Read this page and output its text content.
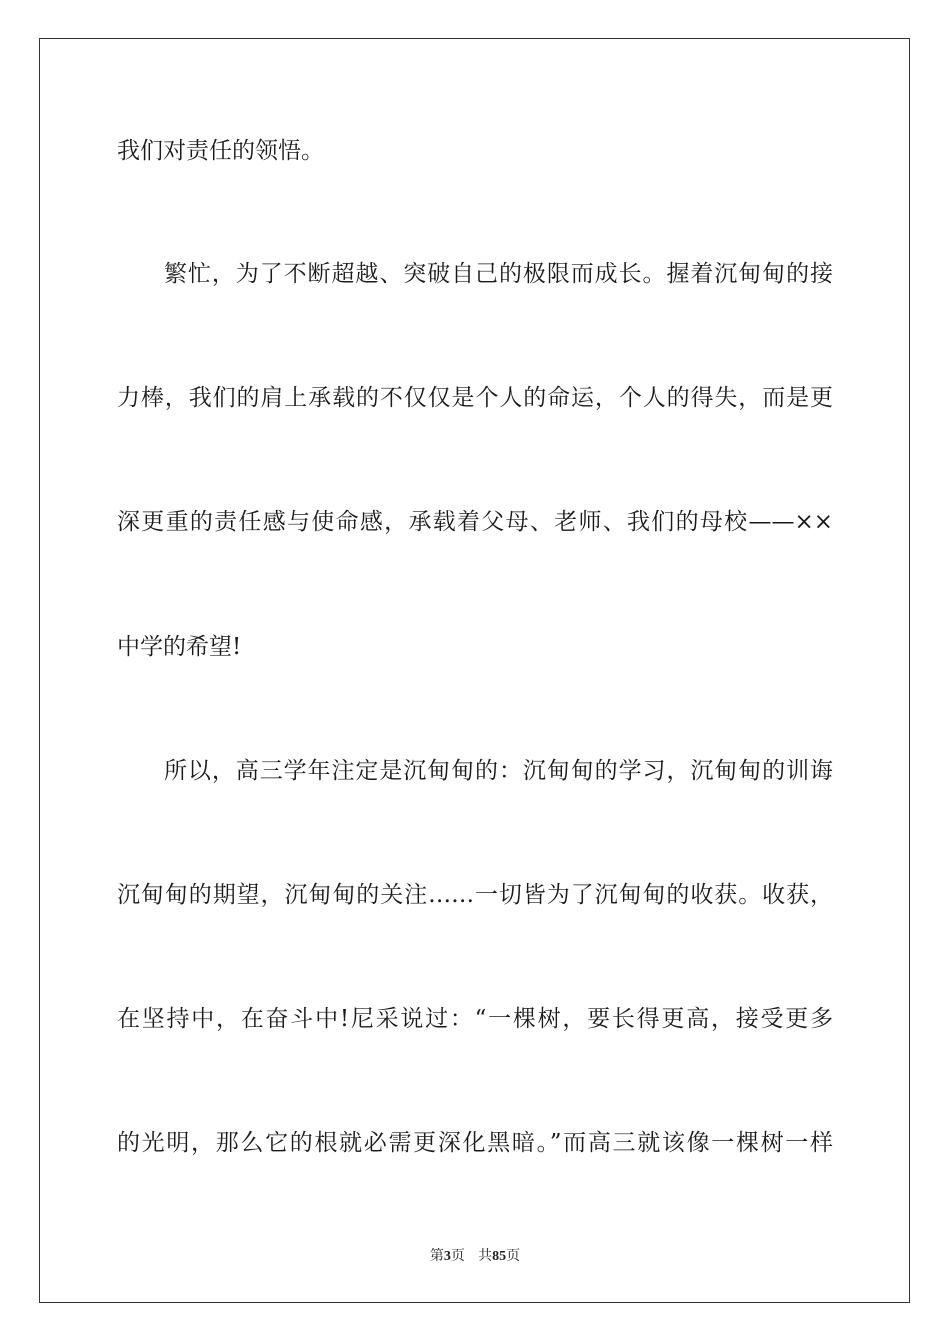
我们对责任的领悟。
繁忙，为了不断超越、突破自己的极限而成长。握着沉甸甸的接
力棒，我们的肩上承载的不仅仅是个人的命运，个人的得失，而是更
深更重的责任感与使命感，承载着父母、老师、我们的母校——××
中学的希望!
所以，高三学年注定是沉甸甸的：沉甸甸的学习，沉甸甸的训诲
沉甸甸的期望，沉甸甸的关注……一切皆为了沉甸甸的收获。收获，
在坚持中，在奋斗中!尼采说过：“一棵树，要长得更高，接受更多
的光明，那么它的根就必需更深化黑暗。”而高三就该像一棵树一样
第3页 共85页
